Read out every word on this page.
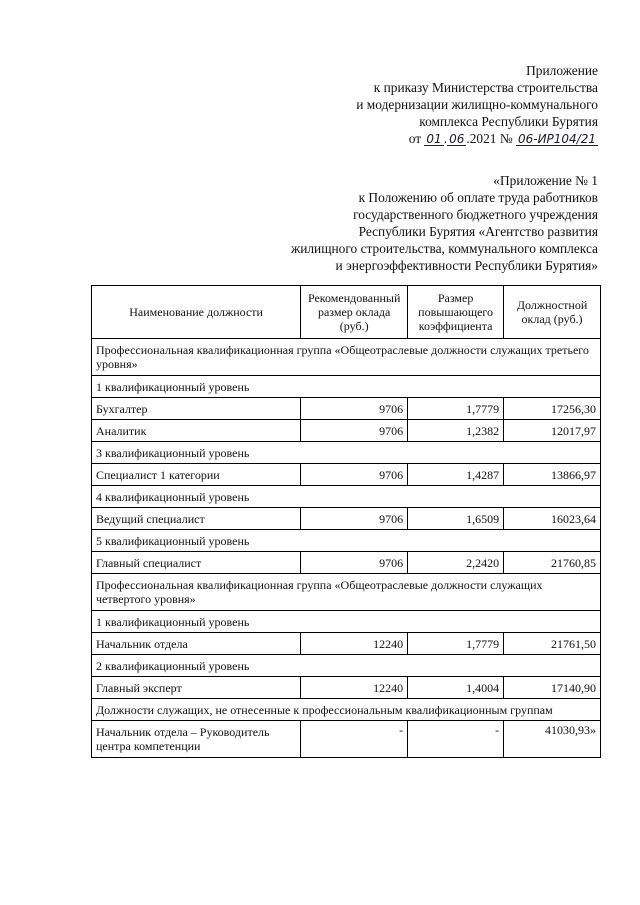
Приложение
к приказу Министерства строительства
и модернизации жилищно-коммунального
комплекса Республики Бурятия
от 01 . 06 .2021 № 06-ИР104/21
«Приложение № 1
к Положению об оплате труда работников
государственного бюджетного учреждения
Республики Бурятия «Агентство развития
жилищного строительства, коммунального комплекса
и энергоэффективности Республики Бурятия»
Наименование должности	Рекомендованный размер оклада (руб.)	Размер повышающего коэффициента	Должностной оклад (руб.)
Профессиональная квалификационная группа «Общеотраслевые должности служащих третьего уровня»			
1 квалификационный уровень			
Бухгалтер	9706	1,7779	17256,30
Аналитик	9706	1,2382	12017,97
3 квалификационный уровень			
Специалист 1 категории	9706	1,4287	13866,97
4 квалификационный уровень			
Ведущий специалист	9706	1,6509	16023,64
5 квалификационный уровень			
Главный специалист	9706	2,2420	21760,85
Профессиональная квалификационная группа «Общеотраслевые должности служащих четвертого уровня»			
1 квалификационный уровень			
Начальник отдела	12240	1,7779	21761,50
2 квалификационный уровень			
Главный эксперт	12240	1,4004	17140,90
Должности служащих, не отнесенные к профессиональным квалификационным группам			
Начальник отдела – Руководитель центра компетенции	-	-	41030,93»
